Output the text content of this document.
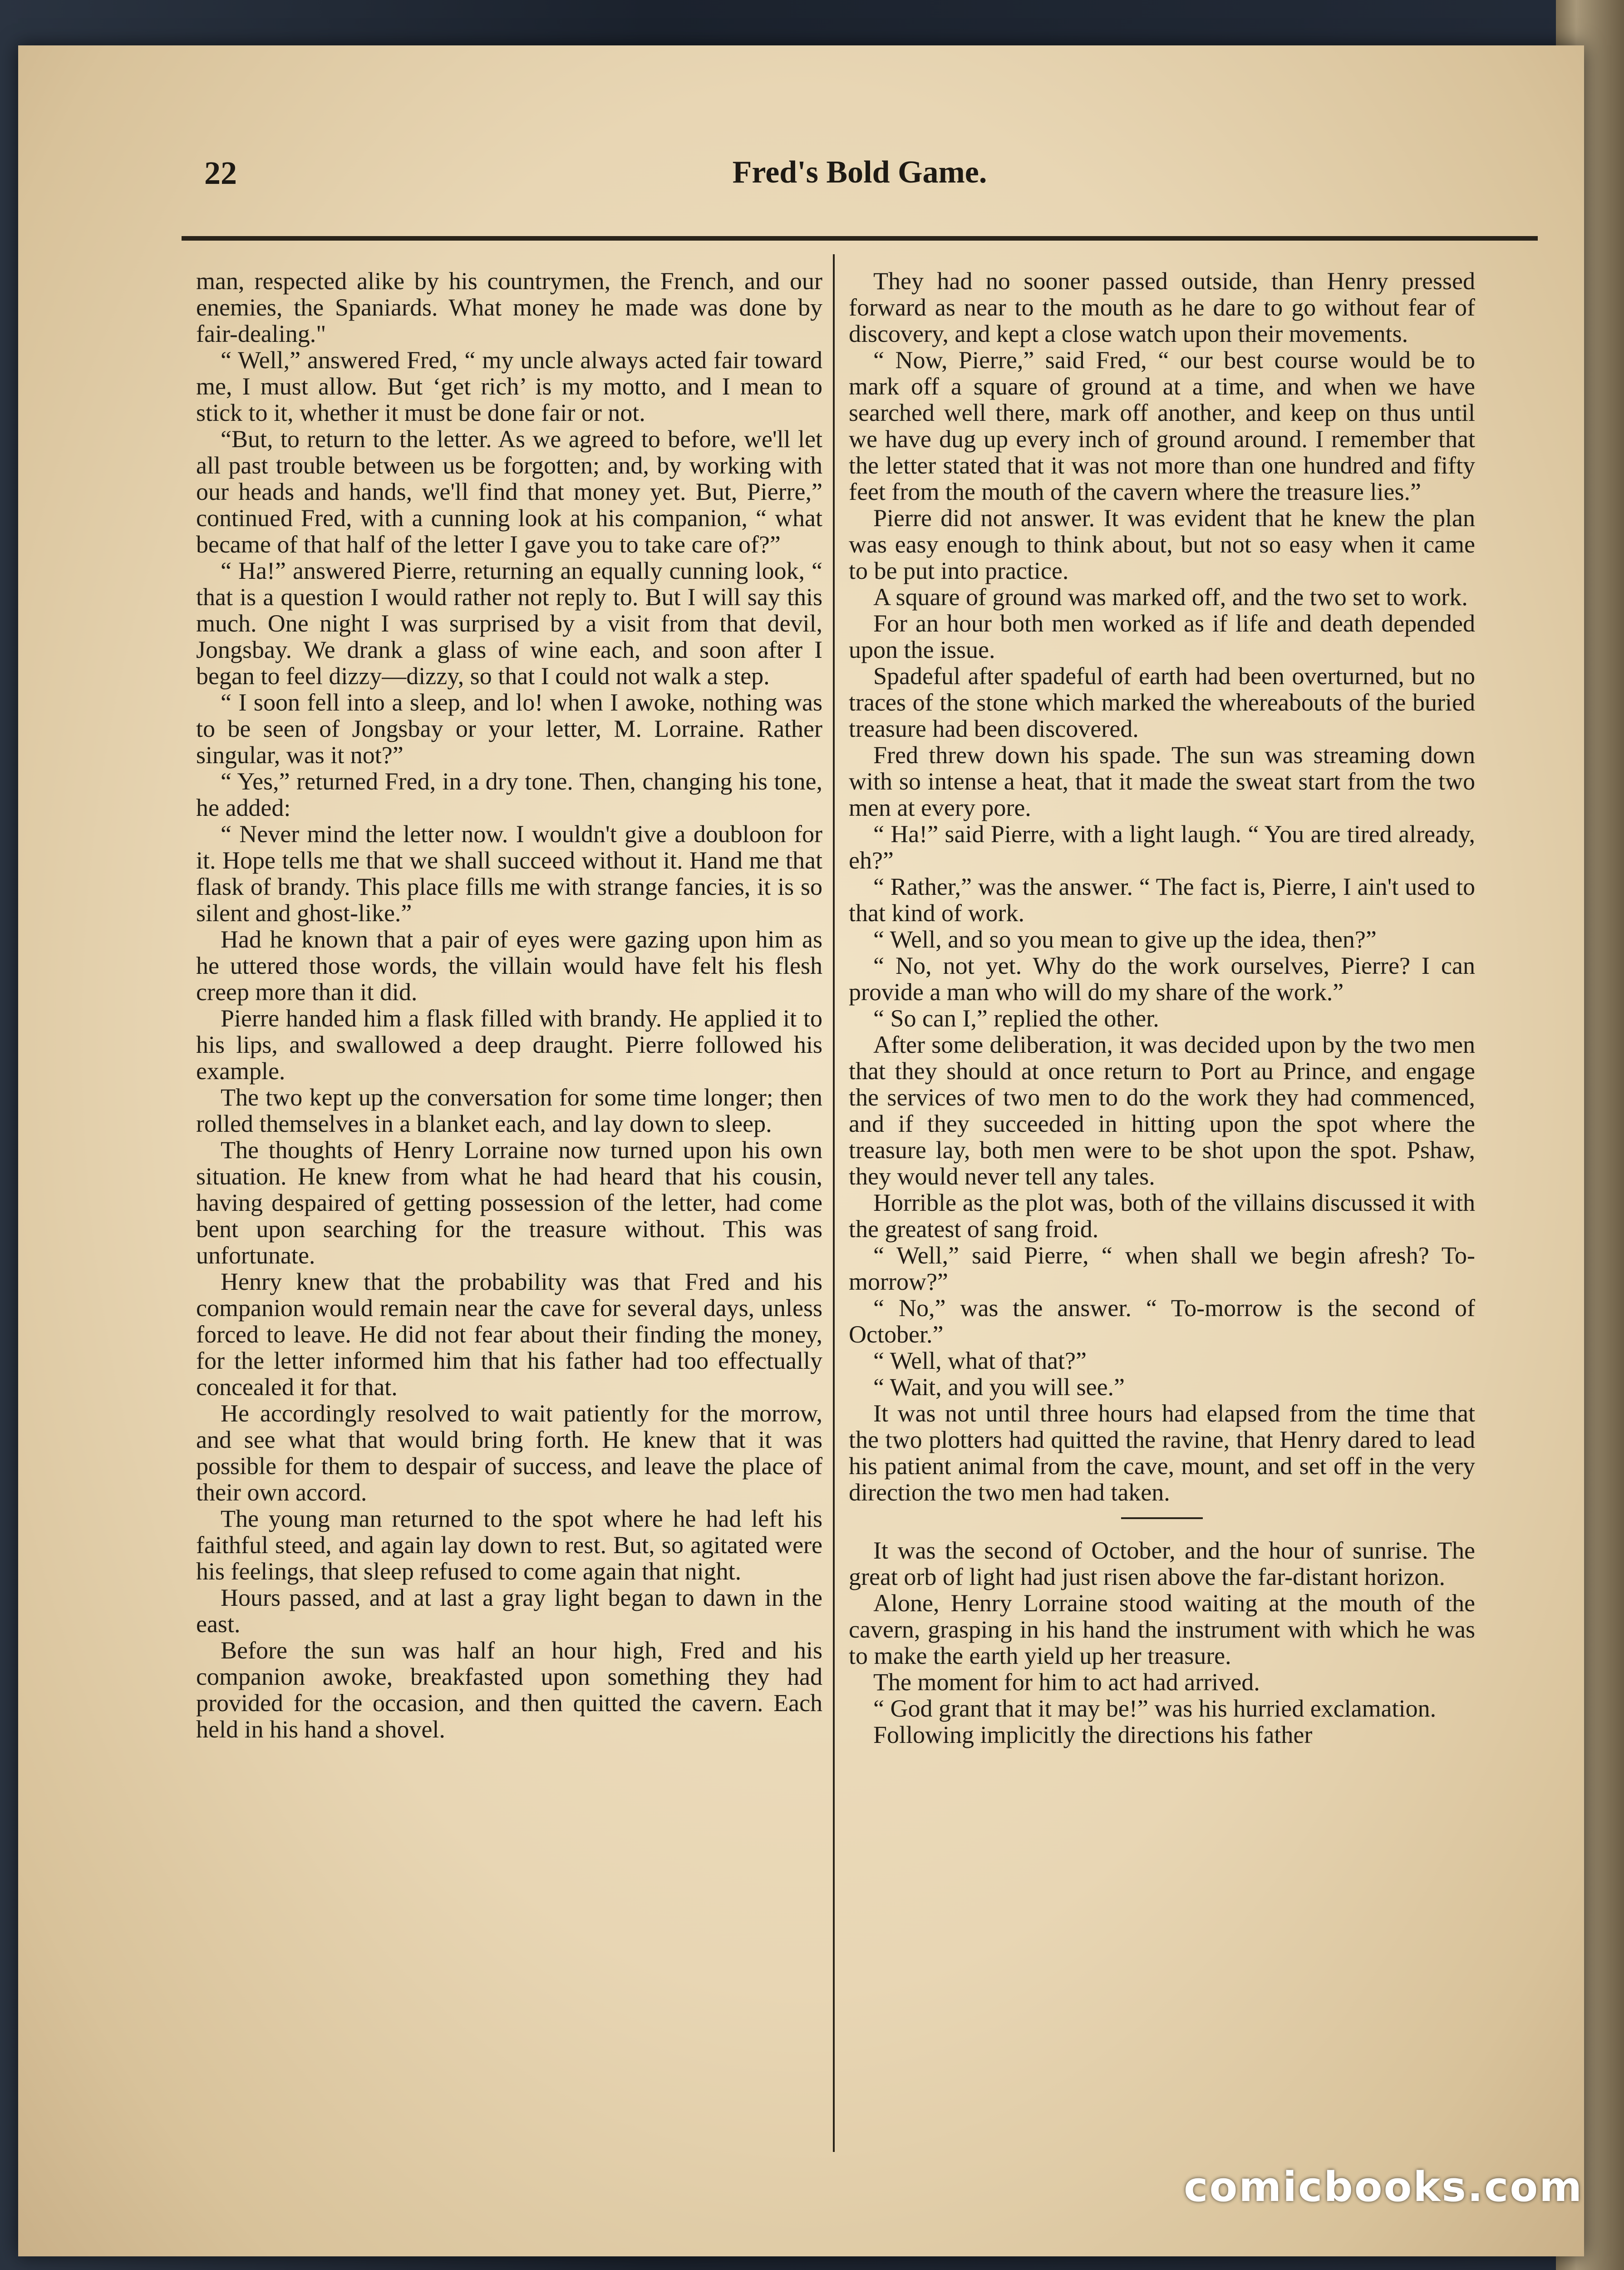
22	Fred's Bold Game.

man, respected alike by his countrymen, the French, and our enemies, the Spaniards. What money he made was done by fair-dealing."

“ Well,” answered Fred, “ my uncle always acted fair toward me, I must allow. But ‘get rich’ is my motto, and I mean to stick to it, whether it must be done fair or not.

“But, to return to the letter. As we agreed to before, we'll let all past trouble between us be forgotten; and, by working with our heads and hands, we'll find that money yet. But, Pierre,” continued Fred, with a cunning look at his companion, “ what became of that half of the letter I gave you to take care of?”

“ Ha!” answered Pierre, returning an equally cunning look, “ that is a question I would rather not reply to. But I will say this much. One night I was surprised by a visit from that devil, Jongsbay. We drank a glass of wine each, and soon after I began to feel dizzy—dizzy, so that I could not walk a step.

“ I soon fell into a sleep, and lo! when I awoke, nothing was to be seen of Jongsbay or your letter, M. Lorraine. Rather singular, was it not?”

“ Yes,” returned Fred, in a dry tone. Then, changing his tone, he added:

“ Never mind the letter now. I wouldn't give a doubloon for it. Hope tells me that we shall succeed without it. Hand me that flask of brandy. This place fills me with strange fancies, it is so silent and ghost-like.”

Had he known that a pair of eyes were gazing upon him as he uttered those words, the villain would have felt his flesh creep more than it did.

Pierre handed him a flask filled with brandy. He applied it to his lips, and swallowed a deep draught. Pierre followed his example.

The two kept up the conversation for some time longer; then rolled themselves in a blanket each, and lay down to sleep.

The thoughts of Henry Lorraine now turned upon his own situation. He knew from what he had heard that his cousin, having despaired of getting possession of the letter, had come bent upon searching for the treasure without. This was unfortunate.

Henry knew that the probability was that Fred and his companion would remain near the cave for several days, unless forced to leave. He did not fear about their finding the money, for the letter informed him that his father had too effectually concealed it for that.

He accordingly resolved to wait patiently for the morrow, and see what that would bring forth. He knew that it was possible for them to despair of success, and leave the place of their own accord.

The young man returned to the spot where he had left his faithful steed, and again lay down to rest. But, so agitated were his feelings, that sleep refused to come again that night.

Hours passed, and at last a gray light began to dawn in the east.

Before the sun was half an hour high, Fred and his companion awoke, breakfasted upon something they had provided for the occasion, and then quitted the cavern. Each held in his hand a shovel.

They had no sooner passed outside, than Henry pressed forward as near to the mouth as he dare to go without fear of discovery, and kept a close watch upon their movements.

“ Now, Pierre,” said Fred, “ our best course would be to mark off a square of ground at a time, and when we have searched well there, mark off another, and keep on thus until we have dug up every inch of ground around. I remember that the letter stated that it was not more than one hundred and fifty feet from the mouth of the cavern where the treasure lies.”

Pierre did not answer. It was evident that he knew the plan was easy enough to think about, but not so easy when it came to be put into practice.

A square of ground was marked off, and the two set to work.

For an hour both men worked as if life and death depended upon the issue.

Spadeful after spadeful of earth had been overturned, but no traces of the stone which marked the whereabouts of the buried treasure had been discovered.

Fred threw down his spade. The sun was streaming down with so intense a heat, that it made the sweat start from the two men at every pore.

“ Ha!” said Pierre, with a light laugh. “ You are tired already, eh?”

“ Rather,” was the answer. “ The fact is, Pierre, I ain't used to that kind of work.

“ Well, and so you mean to give up the idea, then?”

“ No, not yet. Why do the work ourselves, Pierre? I can provide a man who will do my share of the work.”

“ So can I,” replied the other.

After some deliberation, it was decided upon by the two men that they should at once return to Port au Prince, and engage the services of two men to do the work they had commenced, and if they succeeded in hitting upon the spot where the treasure lay, both men were to be shot upon the spot. Pshaw, they would never tell any tales.

Horrible as the plot was, both of the villains discussed it with the greatest of sang froid.

“ Well,” said Pierre, “ when shall we begin afresh? To-morrow?”

“ No,” was the answer. “ To-morrow is the second of October.”

“ Well, what of that?”

“ Wait, and you will see.”

It was not until three hours had elapsed from the time that the two plotters had quitted the ravine, that Henry dared to lead his patient animal from the cave, mount, and set off in the very direction the two men had taken.

It was the second of October, and the hour of sunrise. The great orb of light had just risen above the far-distant horizon.

Alone, Henry Lorraine stood waiting at the mouth of the cavern, grasping in his hand the instrument with which he was to make the earth yield up her treasure.

The moment for him to act had arrived.

“ God grant that it may be!” was his hurried exclamation.

Following implicitly the directions his father

comicbooks.com
